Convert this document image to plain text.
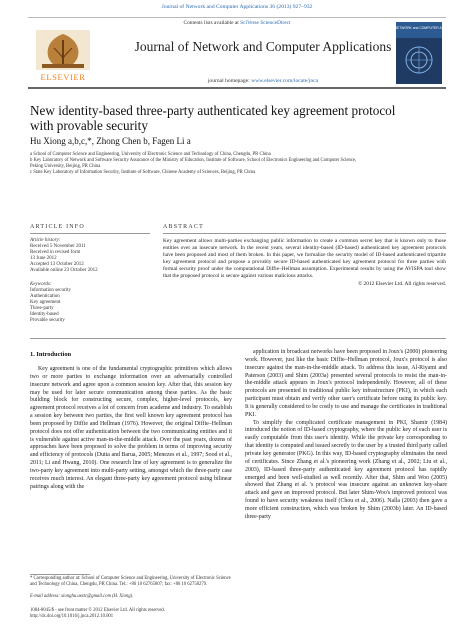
Journal of Network and Computer Applications 36 (2013) 927–932
Contents lists available at SciVerse ScienceDirect
ELSEVIER
Journal of Network and Computer Applications
journal homepage: www.elsevier.com/locate/jnca
JOURNAL of NETWORK and COMPUTER APPLICATIONS
New identity-based three-party authenticated key agreement protocol
with provable security
Hu Xiong a,b,c,*, Zhong Chen b, Fagen Li a
a School of Computer Science and Engineering, University of Electronic Science and Technology of China, Chengdu, PR China
b Key Laboratory of Network and Software Security Assurance of the Ministry of Education, Institute of Software, School of Electronics Engineering and Computer Science,
Peking University, Beijing, PR China
c State Key Laboratory of Information Security, Institute of Software, Chinese Academy of Sciences, Beijing, PR China
ARTICLE INFO	ABSTRACT
Article history:
Received 5 November 2011
Received in revised form
13 June 2012
Accepted 13 October 2012
Available online 23 October 2012
Keywords:
Information security
Authentication
Key agreement
Three-party
Identity-based
Provable security

Key agreement allows multi-parties exchanging public information to create a common secret key that is known only to those entities over an insecure network. In the recent years, several identity-based (ID-based) authenticated key agreement protocols have been proposed and most of them broken. In this paper, we formalize the security model of ID-based authenticated tripartite key agreement protocol and propose a provably secure ID-based authenticated key agreement protocol for three parties with formal security proof under the computational Diffie–Hellman assumption. Experimental results by using the AVISPA tool show that the proposed protocol is secure against various malicious attacks.

© 2012 Elsevier Ltd. All rights reserved.

1. Introduction

Key agreement is one of the fundamental cryptographic primitives which allows two or more parties to exchange information over an adversarially controlled insecure network and agree upon a common session key. After that, this session key may be used for later secure communication among these parties. As the basic building block for constructing secure, complex, higher-level protocols, key agreement protocol receives a lot of concern from academe and industry. To establish a session key between two parties, the first well known key agreement protocol has been proposed by Diffie and Hellman (1976). However, the original Diffie–Hellman protocol does not offer authentication between the two communicating entities and it is vulnerable against active man-in-the-middle attack. Over the past years, dozens of approaches have been proposed to solve the problem in terms of improving security and efficiency of protocols (Dutta and Barua, 2005; Menezes et al., 1997; Sood et al., 2011; Li and Hwang, 2010). One research line of key agreement is to generalize the two-party key agreement into multi-party setting, amongst which the three-party case receives much interest. An elegant three-party key agreement protocol using bilinear pairings along with the

application in broadcast networks have been proposed in Joux's (2000) pioneering work. However, just like the basic Diffie–Hellman protocol, Joux's protocol is also insecure against the man-in-the-middle attack. To address this issue, Al-Riyami and Paterson (2003) and Shim (2003a) presented several protocols to resist the man-in-the-middle attack appears in Joux's protocol independently. However, all of these protocols are presented in traditional public key infrastructure (PKI), in which each participant must obtain and verify other user's certificate before using its public key. It is generally considered to be costly to use and manage the certificates in traditional PKI.

To simplify the complicated certificate management in PKI, Shamir (1984) introduced the notion of ID-based cryptography, where the public key of each user is easily computable from this user's identity. While the private key corresponding to that identity is computed and issued secretly to the user by a trusted third party called private key generator (PKG). In this way, ID-based cryptography eliminates the need of certificates. Since Zhang et al.'s pioneering work (Zhang et al., 2002; Liu et al., 2003), ID-based three-party authenticated key agreement protocol has rapidly emerged and been well-studied as well recently. After that, Shim and Woo (2005) showed that Zhang et al. 's protocol was insecure against an unknown key-share attack and gave an improved protocol. But later Shim-Woo's improved protocol was found to have security weakness itself (Chou et al., 2006). Nalla (2003) then gave a more efficient construction, which was broken by Shim (2003b) later. An ID-based three-party

* Corresponding author at: School of Computer Science and Engineering, University of Electronic Science and Technology of China, Chengdu, PR China. Tel.: +86 10 62765807; fax: +86 10 62758279.
E-mail address: xionghu.uestc@gmail.com (H. Xiong).
1084-8045/$ - see front matter © 2012 Elsevier Ltd. All rights reserved.
http://dx.doi.org/10.1016/j.jnca.2012.10.001
